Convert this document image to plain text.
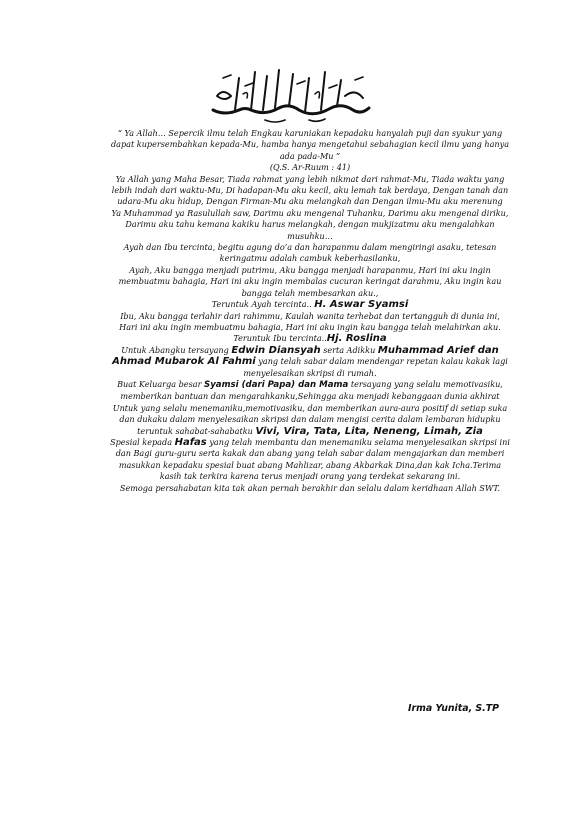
“ Ya Allah… Sepercik ilmu telah Engkau karuniakan kepadaku hanyalah puji dan syukur yang dapat kupersembahkan kepada-Mu, hamba hanya mengetahui sebahagian kecil ilmu yang hanya ada pada-Mu ”

(Q.S. Ar-Ruum : 41)

Ya Allah yang Maha Besar, Tiada rahmat yang lebih nikmat dari rahmat-Mu, Tiada waktu yang lebih indah dari waktu-Mu, Di hadapan-Mu aku kecil, aku lemah tak berdaya, Dengan tanah dan udara-Mu aku hidup, Dengan Firman-Mu aku melangkah dan Dengan ilmu-Mu aku merenung

Ya Muhammad ya Rasulullah saw, Darimu aku mengenal Tuhanku, Darimu aku mengenal diriku, Darimu aku tahu kemana kakiku harus melangkah, dengan mukjizatmu aku mengalahkan musuhku…

Ayah dan Ibu tercinta, begitu agung do’a dan harapanmu dalam mengiringi asaku, tetesan keringatmu adalah cambuk keberhasilanku,

Ayah, Aku bangga menjadi putrimu, Aku bangga menjadi harapanmu, Hari ini aku ingin membuatmu bahagia, Hari ini aku ingin membalas cucuran keringat darahmu, Aku ingin kau bangga telah membesarkan aku.,
Teruntuk Ayah tercinta.. H. Aswar Syamsi

Ibu, Aku bangga terlahir dari rahimmu, Kaulah wanita terhebat dan tertangguh di dunia ini, Hari ini aku ingin membuatmu bahagia, Hari ini aku ingin kau bangga telah melahirkan aku. Teruntuk Ibu tercinta..Hj. Roslina

Untuk Abangku tersayang Edwin Diansyah serta Adikku Muhammad Arief dan Ahmad Mubarok Al Fahmi yang telah sabar dalam mendengar repetan kalau kakak lagi menyelesaikan skripsi di rumah.

Buat Keluarga besar Syamsi (dari Papa) dan Mama tersayang yang selalu memotivasiku, memberikan bantuan dan mengarahkanku,Sehingga aku menjadi kebanggaan dunia akhirat

Untuk yang selalu menemaniku,memotivasiku, dan memberikan aura-aura positif di setiap suka dan dukaku dalam menyelesaikan skripsi dan dalam mengisi cerita dalam lembaran hidupku teruntuk sahabat-sahabatku Vivi, Vira, Tata, Lita, Neneng, Limah, Zia
Spesial kepada Hafas yang telah membantu dan menemaniku selama menyelesaikan skripsi ini dan Bagi guru-guru serta kakak dan abang yang telah sabar dalam mengajarkan dan memberi masukkan kepadaku spesial buat abang Mahlizar, abang Akbarkak Dina,dan kak Icha.Terima kasih tak terkira karena terus menjadi orang yang terdekat sekarang ini.
Semoga persahabatan kita tak akan pernah berakhir dan selalu dalam keridhaan Allah SWT.

Irma Yunita, S.TP
